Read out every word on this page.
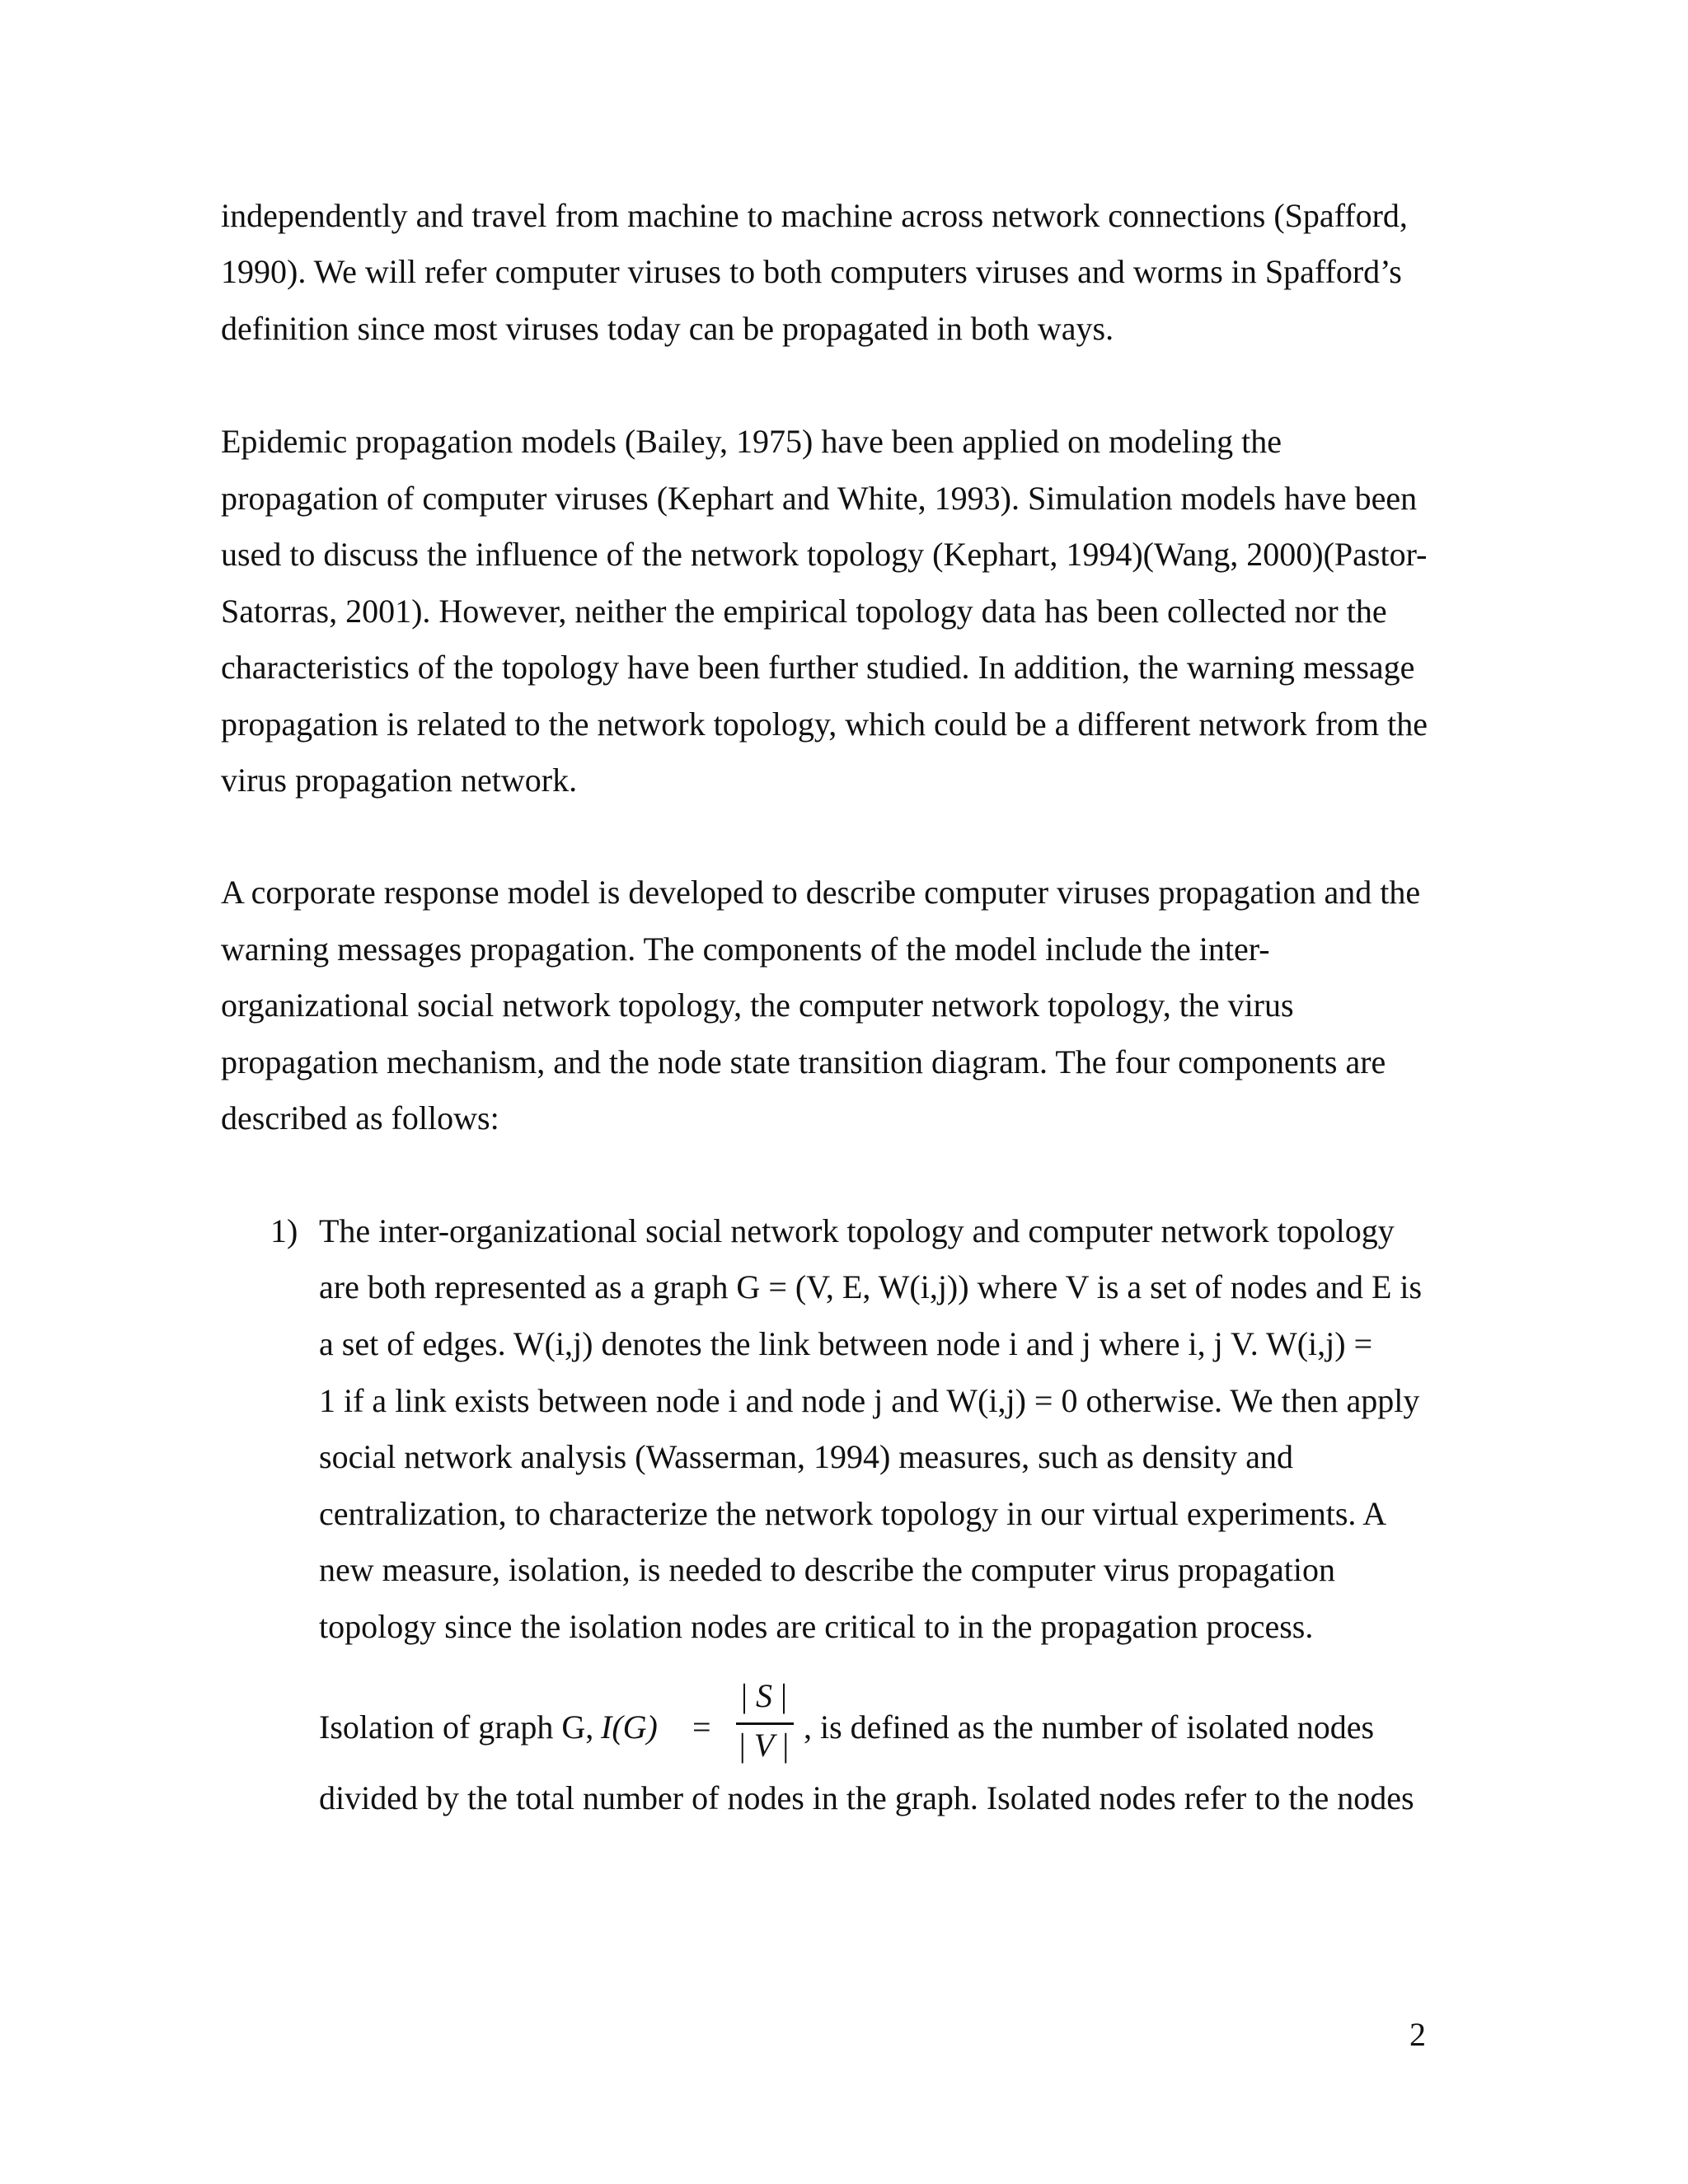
independently and travel from machine to machine across network connections (Spafford,
1990). We will refer computer viruses to both computers viruses and worms in Spafford’s
definition since most viruses today can be propagated in both ways.
Epidemic propagation models (Bailey, 1975) have been applied on modeling the
propagation of computer viruses (Kephart and White, 1993). Simulation models have been
used to discuss the influence of the network topology (Kephart, 1994)(Wang, 2000)(Pastor-
Satorras, 2001). However, neither the empirical topology data has been collected nor the
characteristics of the topology have been further studied. In addition, the warning message
propagation is related to the network topology, which could be a different network from the
virus propagation network.
A corporate response model is developed to describe computer viruses propagation and the
warning messages propagation. The components of the model include the inter-
organizational social network topology, the computer network topology, the virus
propagation mechanism, and the node state transition diagram. The four components are
described as follows:
1) The inter-organizational social network topology and computer network topology
are both represented as a graph G = (V, E, W(i,j)) where V is a set of nodes and E is
a set of edges. W(i,j) denotes the link between node i and j where i, j V. W(i,j) =
1 if a link exists between node i and node j and W(i,j) = 0 otherwise. We then apply
social network analysis (Wasserman, 1994) measures, such as density and
centralization, to characterize the network topology in our virtual experiments. A
new measure, isolation, is needed to describe the computer virus propagation
topology since the isolation nodes are critical to in the propagation process.
Isolation of graph G, I(G) =
| S |
| V | , is defined as the number of isolated nodes
divided by the total number of nodes in the graph. Isolated nodes refer to the nodes
2
